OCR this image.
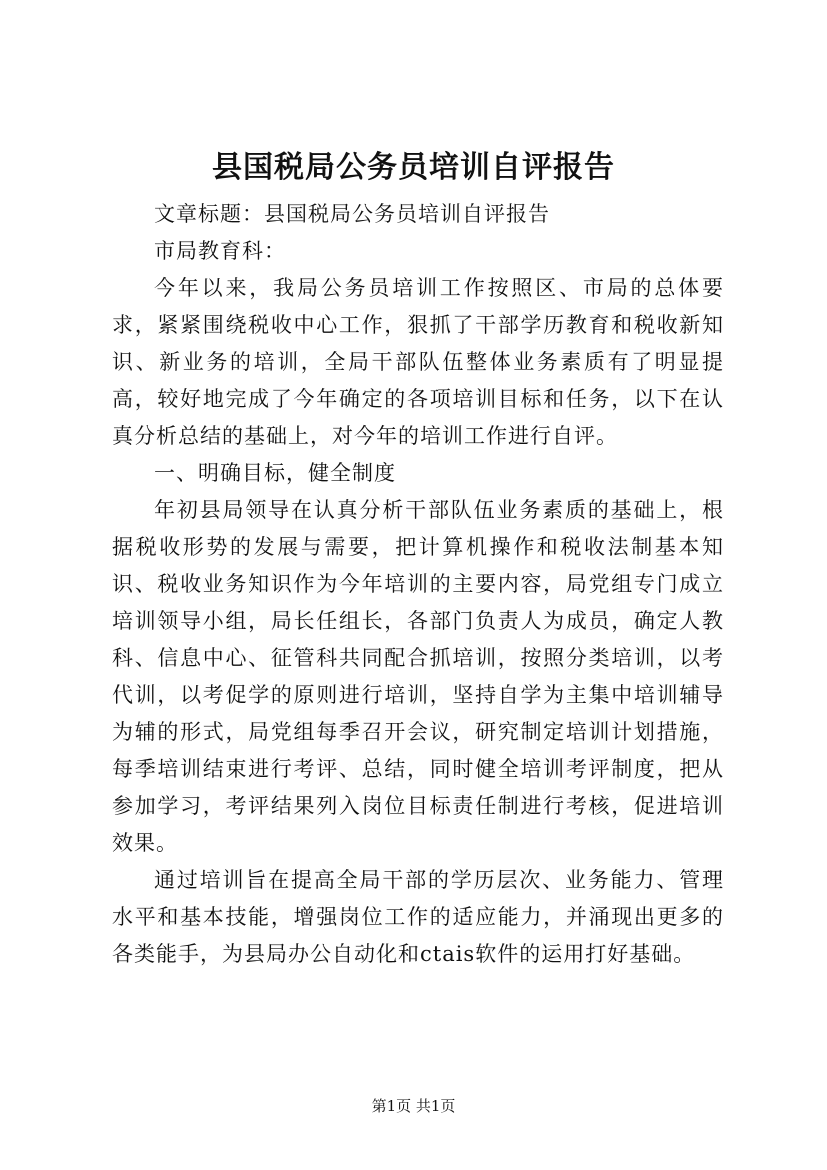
县国税局公务员培训自评报告

文章标题：县国税局公务员培训自评报告

市局教育科：

今年以来，我局公务员培训工作按照区、市局的总体要求，紧紧围绕税收中心工作，狠抓了干部学历教育和税收新知识、新业务的培训，全局干部队伍整体业务素质有了明显提高，较好地完成了今年确定的各项培训目标和任务，以下在认真分析总结的基础上，对今年的培训工作进行自评。

一、明确目标，健全制度

年初县局领导在认真分析干部队伍业务素质的基础上，根据税收形势的发展与需要，把计算机操作和税收法制基本知识、税收业务知识作为今年培训的主要内容，局党组专门成立培训领导小组，局长任组长，各部门负责人为成员，确定人教科、信息中心、征管科共同配合抓培训，按照分类培训，以考代训，以考促学的原则进行培训，坚持自学为主集中培训辅导为辅的形式，局党组每季召开会议，研究制定培训计划措施，每季培训结束进行考评、总结，同时健全培训考评制度，把从参加学习，考评结果列入岗位目标责任制进行考核，促进培训效果。

通过培训旨在提高全局干部的学历层次、业务能力、管理水平和基本技能，增强岗位工作的适应能力，并涌现出更多的各类能手，为县局办公自动化和ctais软件的运用打好基础。

第1页 共1页
